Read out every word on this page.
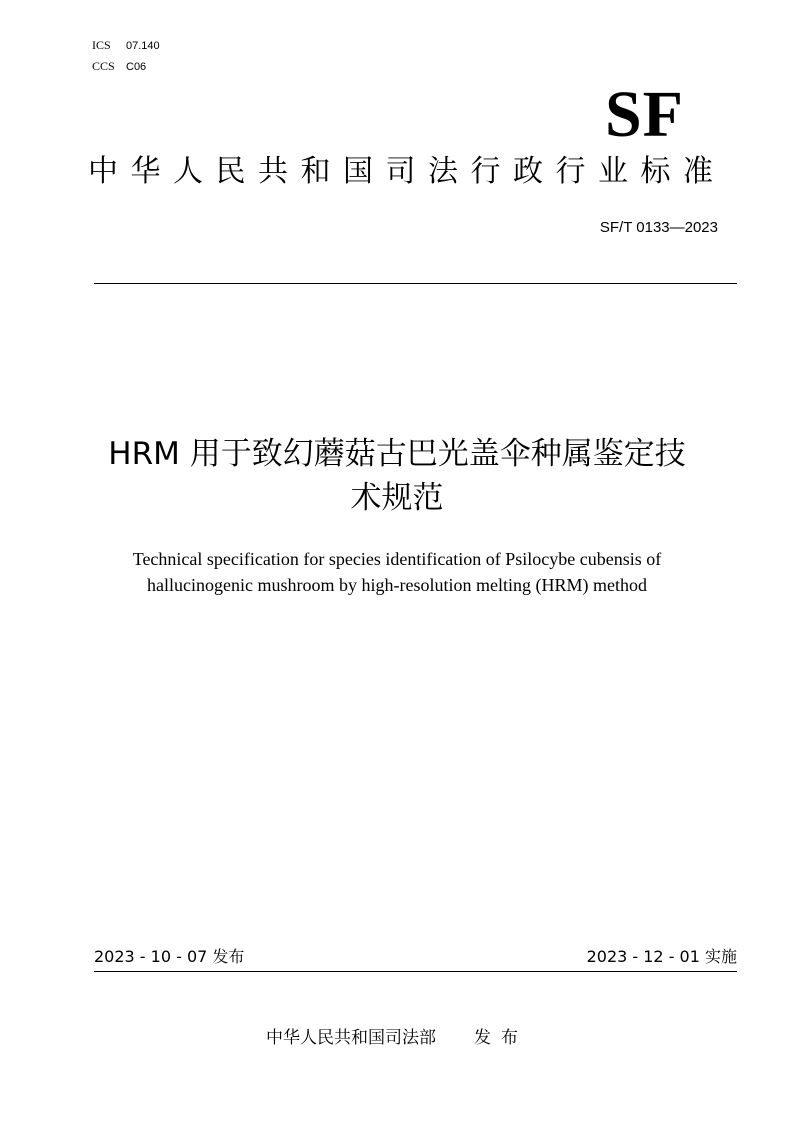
ICS 07.140
CCS C06
SF
中华人民共和国司法行政行业标准
SF/T 0133—2023
HRM 用于致幻蘑菇古巴光盖伞种属鉴定技
术规范
Technical specification for species identification of Psilocybe cubensis of
hallucinogenic mushroom by high-resolution melting (HRM) method
2023 - 10 - 07 发布	2023 - 12 - 01 实施
中华人民共和国司法部 发布
